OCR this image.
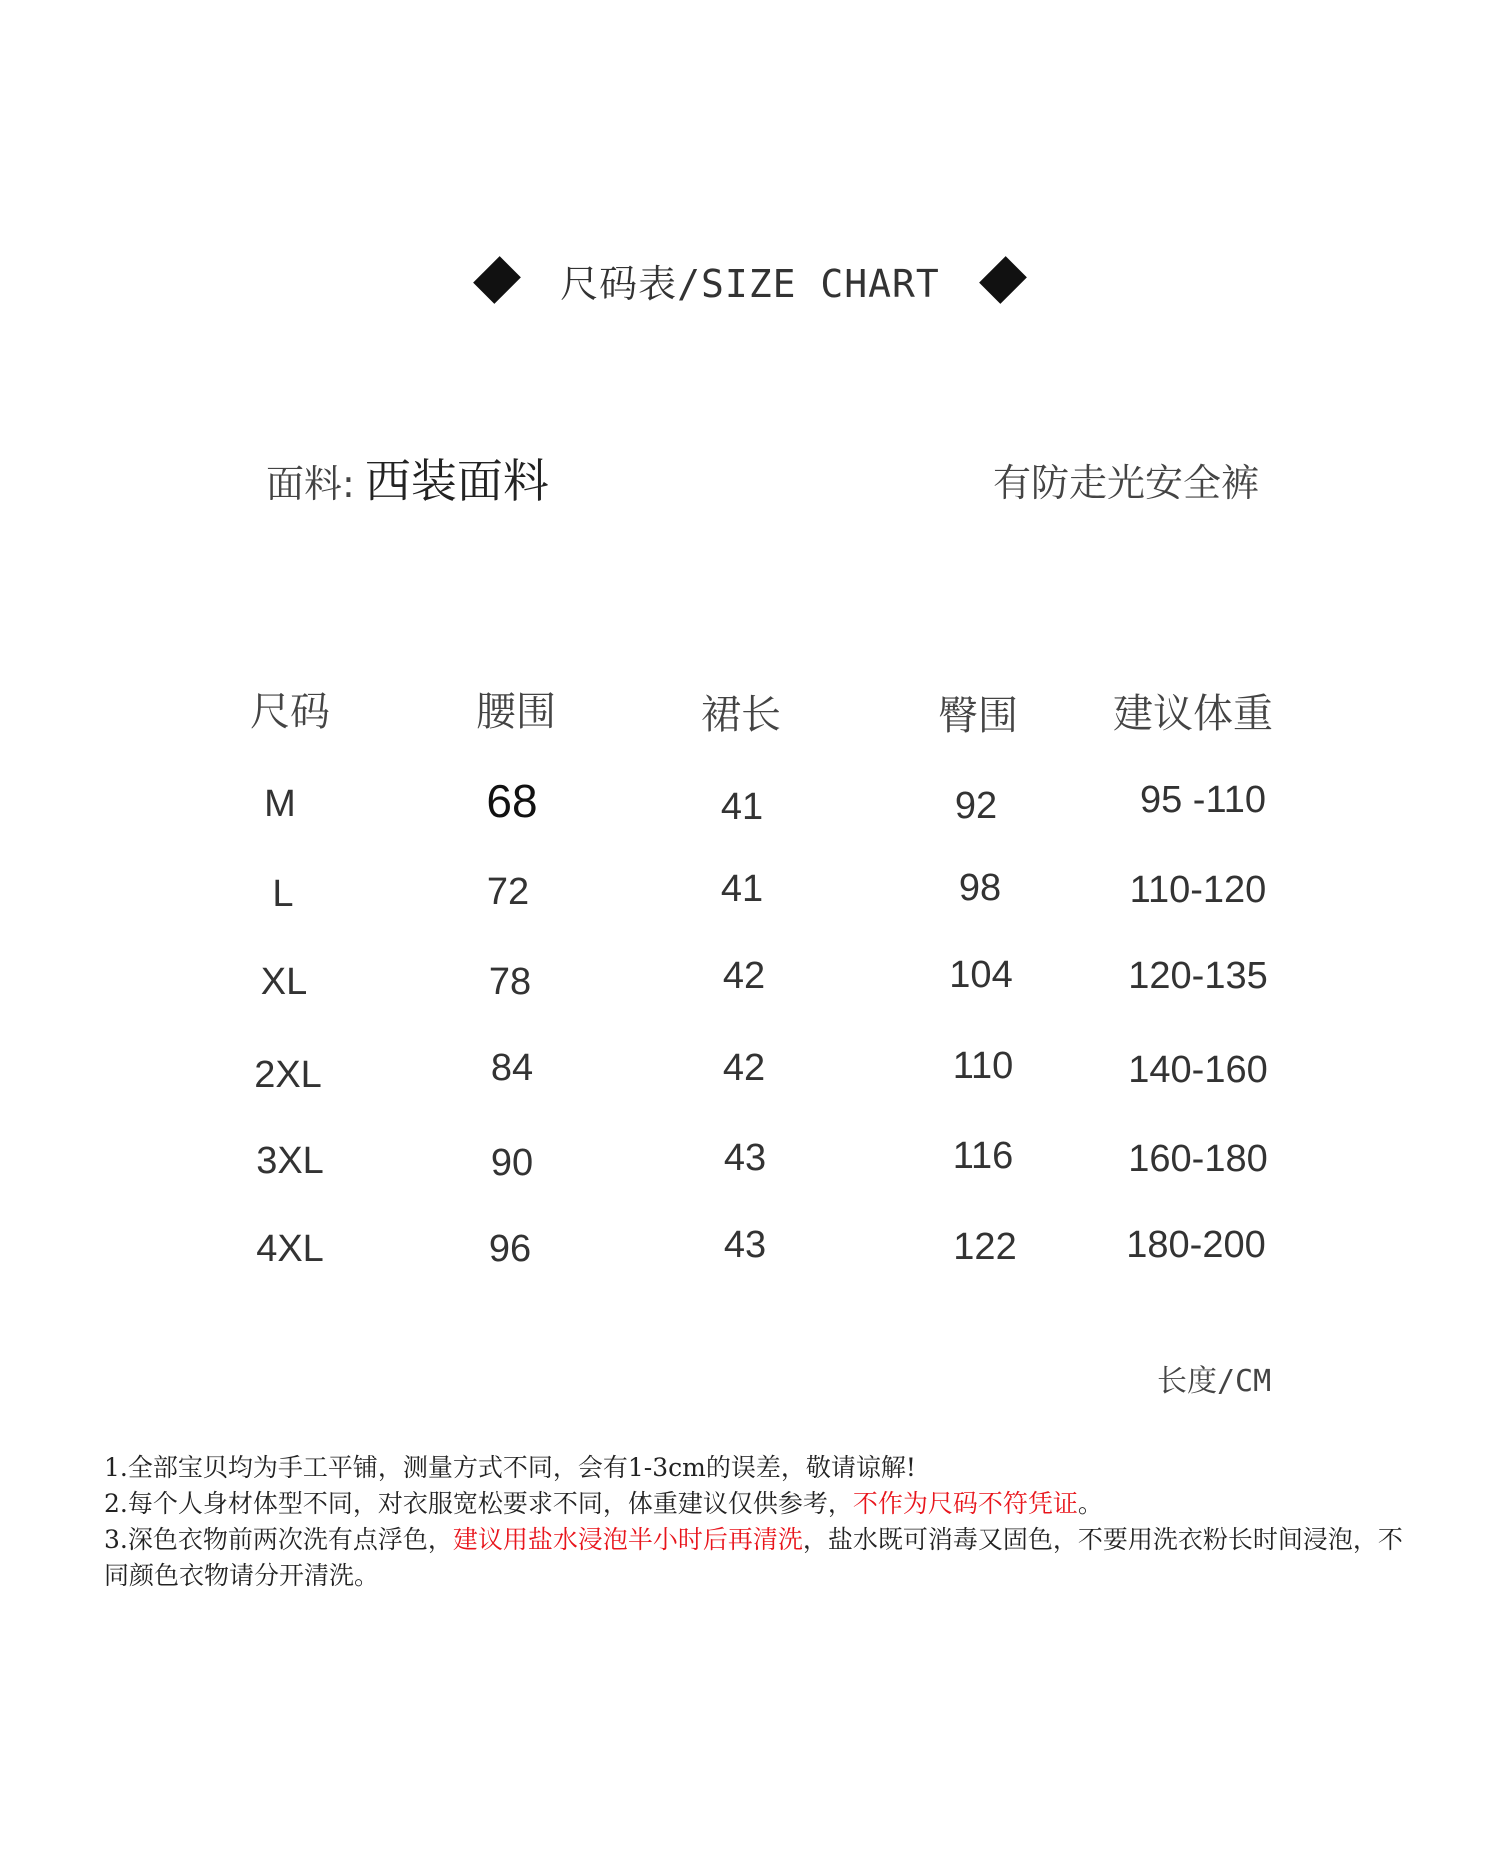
尺码表/SIZE CHART
面料: 西装面料	有防走光安全裤
尺码	腰围	裙长	臀围 建议体重
M	68	41	92	95 -110
L	72	41	98	110-120
XL	78	42	104	120-135
2XL	84	42	110	140-160
3XL	90	43	116	160-180
4XL	96	43	122	180-200
长度/CM

1.全部宝贝均为手工平铺，测量方式不同，会有1-3cm的误差，敬请谅解!

2.每个人身材体型不同，对衣服宽松要求不同，体重建议仅供参考，不作为尺码不符凭证。

3.深色衣物前两次洗有点浮色，建议用盐水浸泡半小时后再清洗，盐水既可消毒又固色，不要用洗衣粉长时间浸泡，不同颜色衣物请分开清洗。
